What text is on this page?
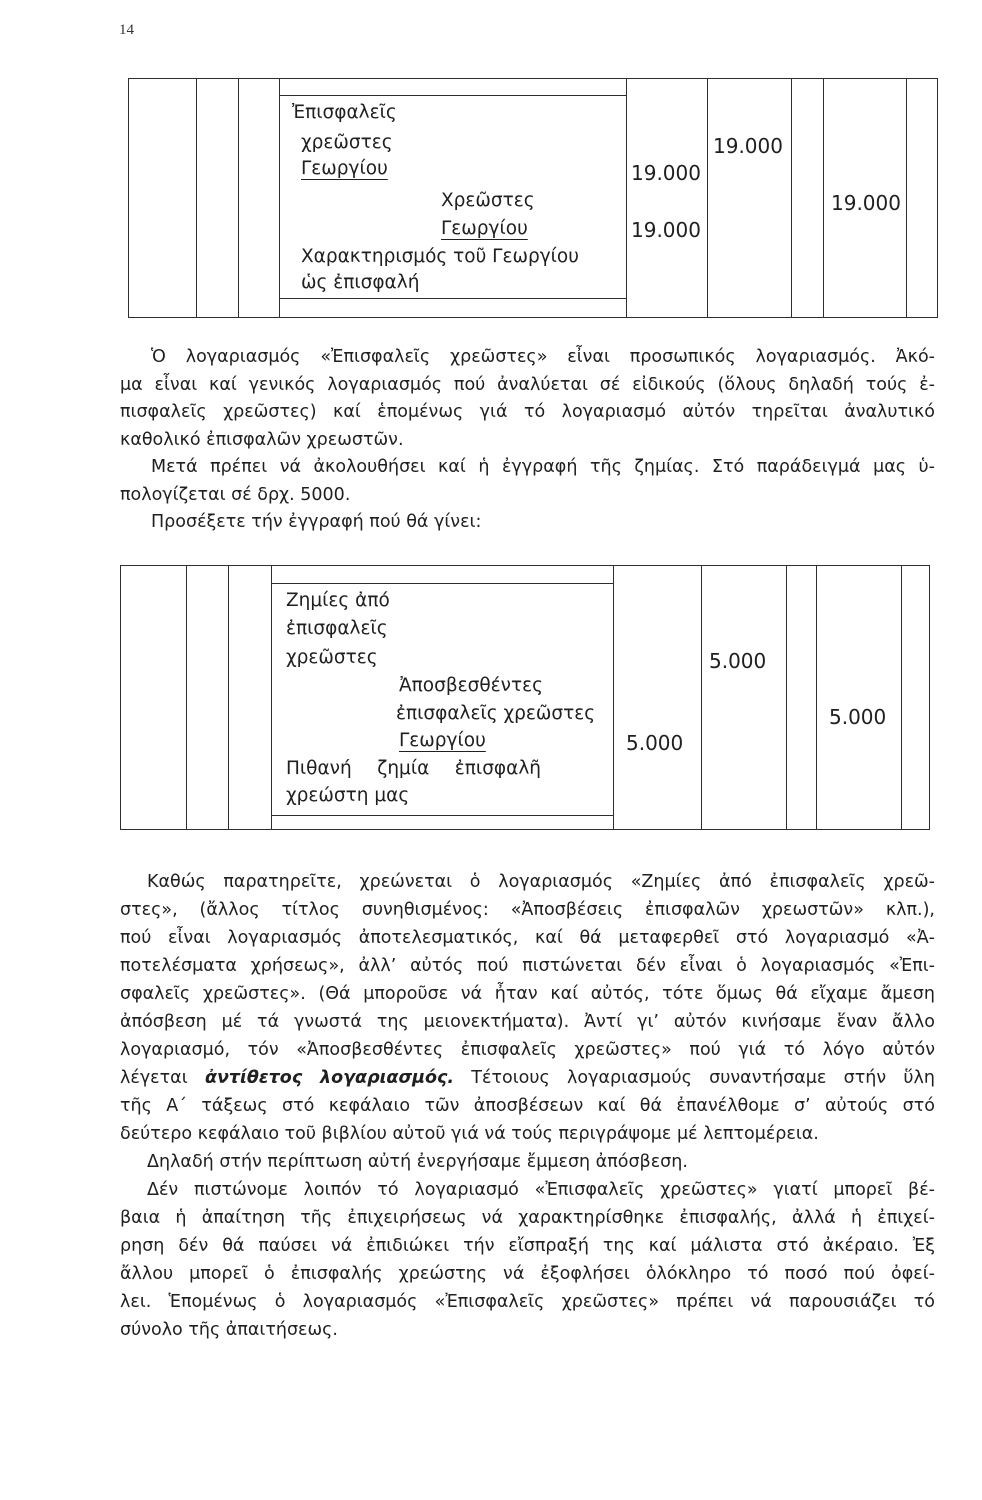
14
Ἐπισφαλεῖς
χρεῶστες
Γεωργίου
Χρεῶστες
Γεωργίου
Χαρακτηρισμός τοῦ Γεωργίου
ὡς ἐπισφαλή
19.000
19.000
19.000
19.000
Ὁ λογαριασμός «Ἐπισφαλεῖς χρεῶστες» εἶναι προσωπικός λογαριασμός. Ἀκό-
μα εἶναι καί γενικός λογαριασμός πού ἀναλύεται σέ εἰδικούς (ὅλους δηλαδή τούς ἐ-
πισφαλεῖς χρεῶστες) καί ἑπομένως γιά τό λογαριασμό αὐτόν τηρεῖται ἀναλυτικό
καθολικό ἐπισφαλῶν χρεωστῶν.
Μετά πρέπει νά ἀκολουθήσει καί ἡ ἐγγραφή τῆς ζημίας. Στό παράδειγμά μας ὑ-
πολογίζεται σέ δρχ. 5000.
Προσέξετε τήν ἐγγραφή πού θά γίνει:
Ζημίες ἀπό
ἐπισφαλεῖς
χρεῶστες
Ἀποσβεσθέντες
ἐπισφαλεῖς χρεῶστες
Γεωργίου
Πιθανή ζημία ἐπισφαλῆ
χρεώστη μας
5.000
5.000
5.000
Καθώς παρατηρεῖτε, χρεώνεται ὁ λογαριασμός «Ζημίες ἀπό ἐπισφαλεῖς χρεῶ-
στες», (ἄλλος τίτλος συνηθισμένος: «Ἀποσβέσεις ἐπισφαλῶν χρεωστῶν» κλπ.),
πού εἶναι λογαριασμός ἀποτελεσματικός, καί θά μεταφερθεῖ στό λογαριασμό «Ἀ-
ποτελέσματα χρήσεως», ἀλλ’ αὐτός πού πιστώνεται δέν εἶναι ὁ λογαριασμός «Ἐπι-
σφαλεῖς χρεῶστες». (Θά μποροῦσε νά ἦταν καί αὐτός, τότε ὅμως θά εἴχαμε ἄμεση
ἀπόσβεση μέ τά γνωστά της μειονεκτήματα). Ἀντί γι’ αὐτόν κινήσαμε ἕναν ἄλλο
λογαριασμό, τόν «Ἀποσβεσθέντες ἐπισφαλεῖς χρεῶστες» πού γιά τό λόγο αὐτόν
λέγεται ἀντίθετος λογαριασμός. Τέτοιους λογαριασμούς συναντήσαμε στήν ὕλη
τῆς Α΄ τάξεως στό κεφάλαιο τῶν ἀποσβέσεων καί θά ἐπανέλθομε σ’ αὐτούς στό
δεύτερο κεφάλαιο τοῦ βιβλίου αὐτοῦ γιά νά τούς περιγράψομε μέ λεπτομέρεια.
Δηλαδή στήν περίπτωση αὐτή ἐνεργήσαμε ἔμμεση ἀπόσβεση.
Δέν πιστώνομε λοιπόν τό λογαριασμό «Ἐπισφαλεῖς χρεῶστες» γιατί μπορεῖ βέ-
βαια ἡ ἀπαίτηση τῆς ἐπιχειρήσεως νά χαρακτηρίσθηκε ἐπισφαλής, ἀλλά ἡ ἐπιχεί-
ρηση δέν θά παύσει νά ἐπιδιώκει τήν εἴσπραξή της καί μάλιστα στό ἀκέραιο. Ἐξ
ἄλλου μπορεῖ ὁ ἐπισφαλής χρεώστης νά ἐξοφλήσει ὁλόκληρο τό ποσό πού ὀφεί-
λει. Ἑπομένως ὁ λογαριασμός «Ἐπισφαλεῖς χρεῶστες» πρέπει νά παρουσιάζει τό
σύνολο τῆς ἀπαιτήσεως.
